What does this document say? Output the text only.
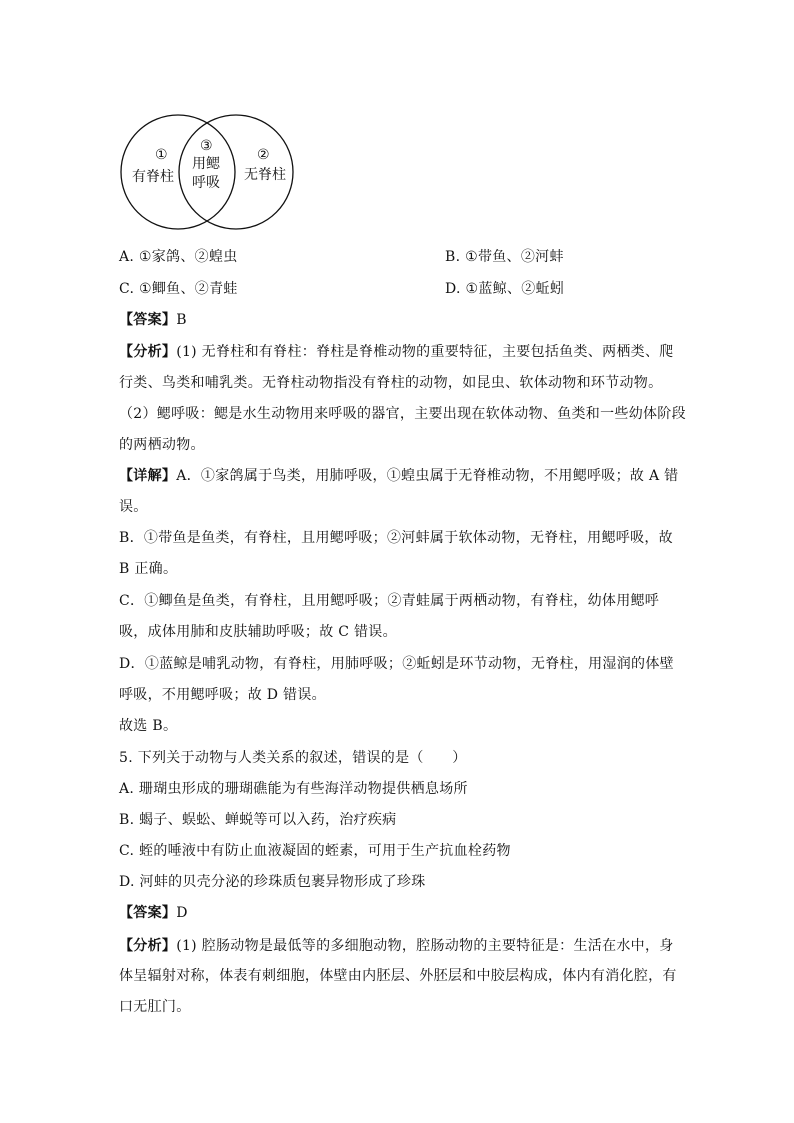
①
有脊柱
③
用鳃
呼吸
②
无脊柱
A. ①家鸽、②蝗虫	B. ①带鱼、②河蚌
C. ①鲫鱼、②青蛙	D. ①蓝鲸、②蚯蚓
【答案】B
【分析】(1) 无脊柱和有脊柱：脊柱是脊椎动物的重要特征，主要包括鱼类、两栖类、爬
行类、鸟类和哺乳类。无脊柱动物指没有脊柱的动物，如昆虫、软体动物和环节动物。
（2）鳃呼吸：鳃是水生动物用来呼吸的器官，主要出现在软体动物、鱼类和一些幼体阶段
的两栖动物。
【详解】A．①家鸽属于鸟类，用肺呼吸，①蝗虫属于无脊椎动物，不用鳃呼吸；故 A 错
误。
B．①带鱼是鱼类，有脊柱，且用鳃呼吸；②河蚌属于软体动物，无脊柱，用鳃呼吸，故
B 正确。
C．①鲫鱼是鱼类，有脊柱，且用鳃呼吸；②青蛙属于两栖动物，有脊柱，幼体用鳃呼
吸，成体用肺和皮肤辅助呼吸；故 C 错误。
D．①蓝鲸是哺乳动物，有脊柱，用肺呼吸；②蚯蚓是环节动物，无脊柱，用湿润的体壁
呼吸，不用鳃呼吸；故 D 错误。
故选 B。
5. 下列关于动物与人类关系的叙述，错误的是（　　）
A. 珊瑚虫形成的珊瑚礁能为有些海洋动物提供栖息场所
B. 蝎子、蜈蚣、蝉蜕等可以入药，治疗疾病
C. 蛭的唾液中有防止血液凝固的蛭素，可用于生产抗血栓药物
D. 河蚌的贝壳分泌的珍珠质包裹异物形成了珍珠
【答案】D
【分析】(1) 腔肠动物是最低等的多细胞动物，腔肠动物的主要特征是：生活在水中，身
体呈辐射对称，体表有刺细胞，体壁由内胚层、外胚层和中胶层构成，体内有消化腔，有
口无肛门。
